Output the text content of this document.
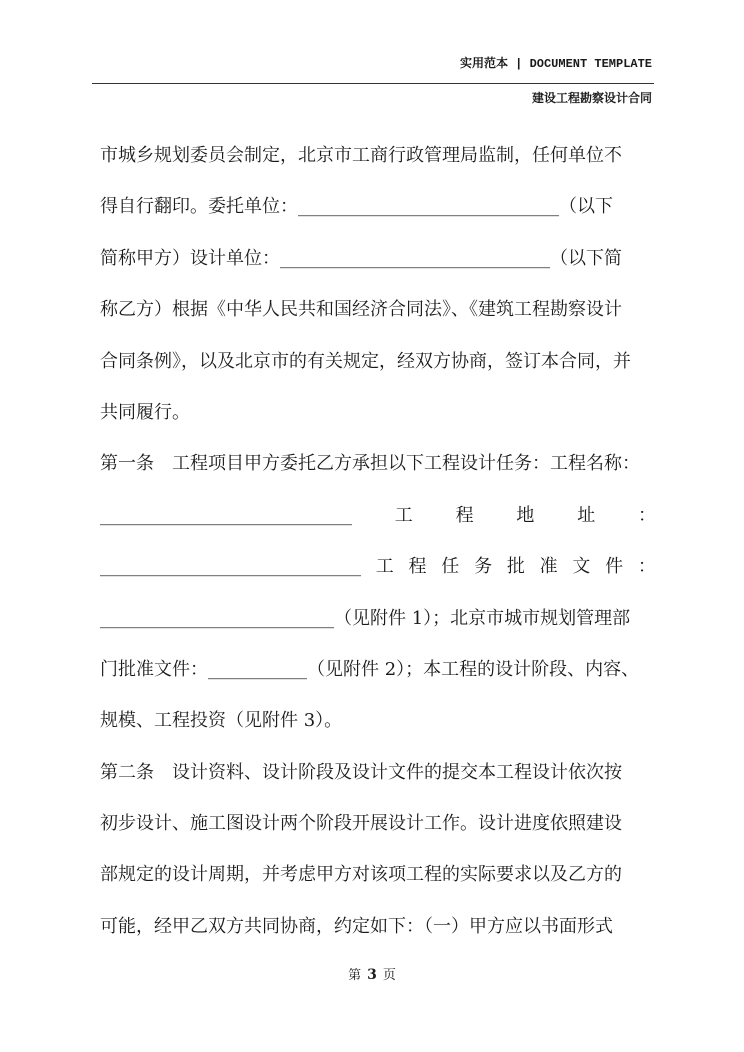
实用范本 | DOCUMENT TEMPLATE
建设工程勘察设计合同
市城乡规划委员会制定，北京市工商行政管理局监制，任何单位不
得自行翻印。委托单位：_____________________________（以下
简称甲方）设计单位：______________________________（以下简
称乙方）根据《中华人民共和国经济合同法》、《建筑工程勘察设计
合同条例》，以及北京市的有关规定，经双方协商，签订本合同，并
共同履行。
第一条　工程项目甲方委托乙方承担以下工程设计任务：工程名称：
____________________________ 工 程 地 址 ：
_____________________________ 工 程 任 务 批 准 文 件 ：
__________________________（见附件 1）；北京市城市规划管理部
门批准文件：___________（见附件 2）；本工程的设计阶段、内容、
规模、工程投资（见附件 3）。
第二条　设计资料、设计阶段及设计文件的提交本工程设计依次按
初步设计、施工图设计两个阶段开展设计工作。设计进度依照建设
部规定的设计周期，并考虑甲方对该项工程的实际要求以及乙方的
可能，经甲乙双方共同协商，约定如下：（一）甲方应以书面形式
第 3 页
